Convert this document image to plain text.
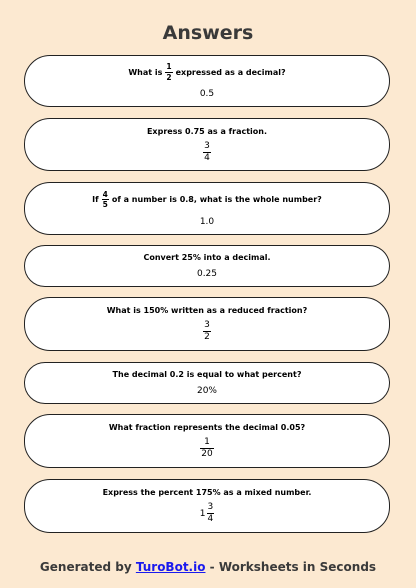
Answers
What is $\frac{1}{2}$ expressed as a decimal?
0.5
Express 0.75 as a fraction.
$\frac{3}{4}$
If $\frac{4}{5}$ of a number is 0.8, what is the whole number?
1.0
Convert 25% into a decimal.
0.25
What is 150% written as a reduced fraction?
$\frac{3}{2}$
The decimal 0.2 is equal to what percent?
20%
What fraction represents the decimal 0.05?
$\frac{1}{20}$
Express the percent 175% as a mixed number.
$1 \frac{3}{4}$
Generated by TuroBot.io - Worksheets in Seconds
